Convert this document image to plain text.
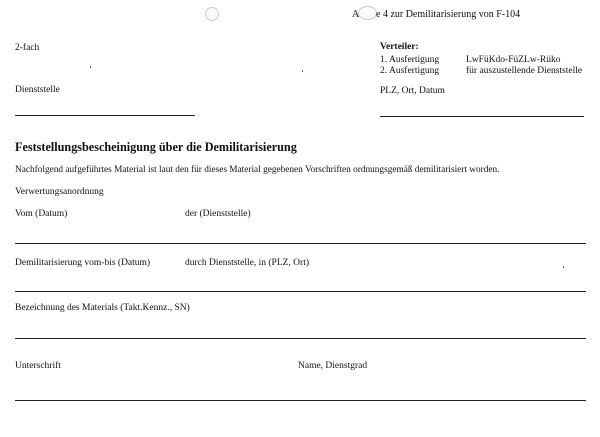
A e 4 zur Demilitarisierung von F-104
2-fach	Verteiler:
1. Ausfertigung	LwFüKdo-FüZLw-Rüko
2. Ausfertigung	für auszustellende Dienststelle
Dienststelle	PLZ, Ort, Datum
Feststellungsbescheinigung über die Demilitarisierung
Nachfolgend aufgeführtes Material ist laut den für dieses Material gegebenen Vorschriften ordnungsgemäß demilitarisiert worden.
Verwertungsanordnung
Vom (Datum)	der (Dienststelle)
Demilitarisierung vom-bis (Datum)	durch Dienststelle, in (PLZ, Ort)
Bezeichnung des Materials (Takt.Kennz., SN)
Unterschrift	Name, Dienstgrad
